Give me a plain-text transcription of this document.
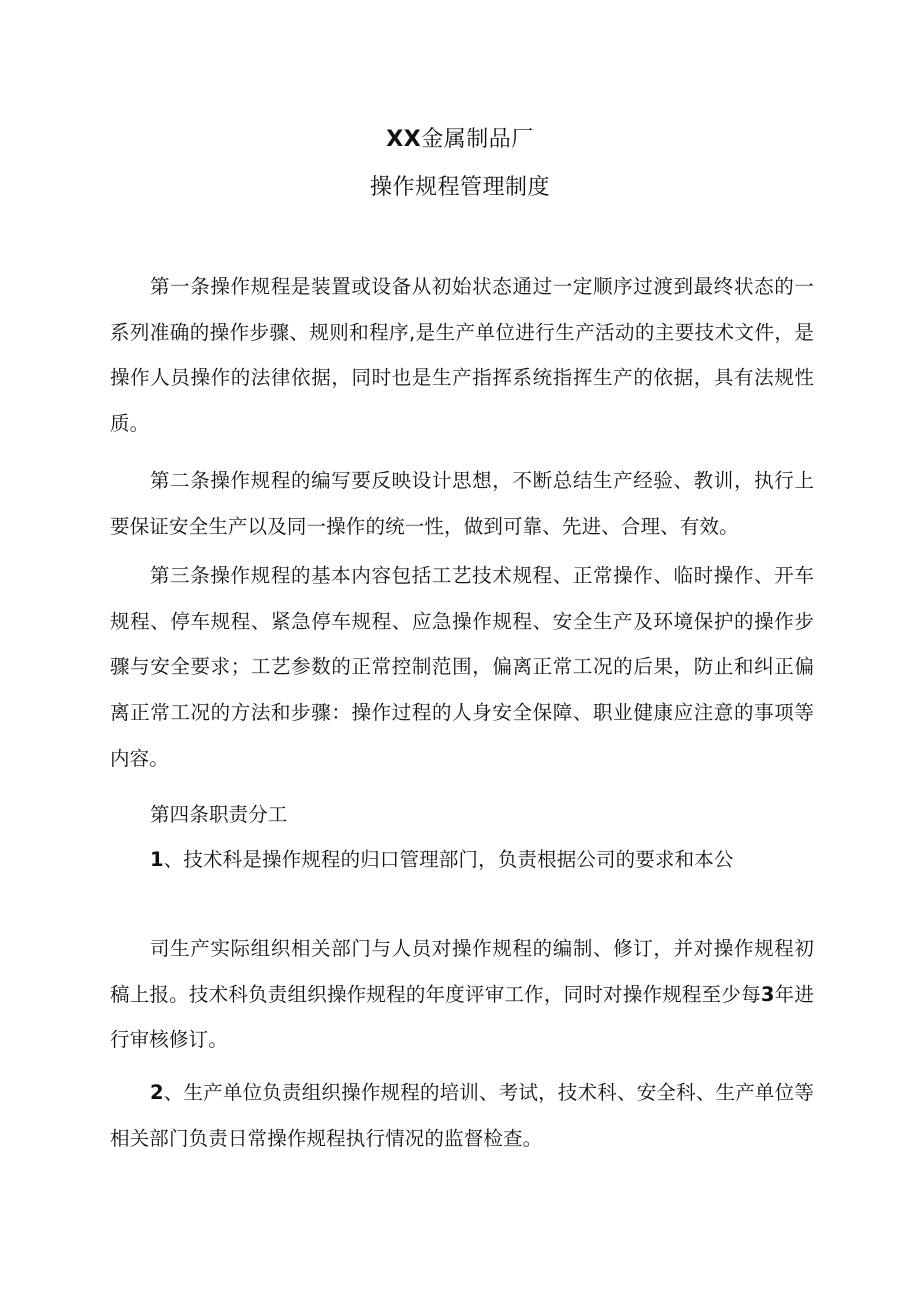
XX金属制品厂
操作规程管理制度

第一条操作规程是装置或设备从初始状态通过一定顺序过渡到最终状态的一系列准确的操作步骤、规则和程序,是生产单位进行生产活动的主要技术文件，是操作人员操作的法律依据，同时也是生产指挥系统指挥生产的依据，具有法规性质。

第二条操作规程的编写要反映设计思想，不断总结生产经验、教训，执行上要保证安全生产以及同一操作的统一性，做到可靠、先进、合理、有效。

第三条操作规程的基本内容包括工艺技术规程、正常操作、临时操作、开车规程、停车规程、紧急停车规程、应急操作规程、安全生产及环境保护的操作步骤与安全要求；工艺参数的正常控制范围，偏离正常工况的后果，防止和纠正偏离正常工况的方法和步骤：操作过程的人身安全保障、职业健康应注意的事项等内容。

第四条职责分工

1、技术科是操作规程的归口管理部门，负责根据公司的要求和本公

司生产实际组织相关部门与人员对操作规程的编制、修订，并对操作规程初稿上报。技术科负责组织操作规程的年度评审工作，同时对操作规程至少每3年进行审核修订。

2、生产单位负责组织操作规程的培训、考试，技术科、安全科、生产单位等相关部门负责日常操作规程执行情况的监督检查。
